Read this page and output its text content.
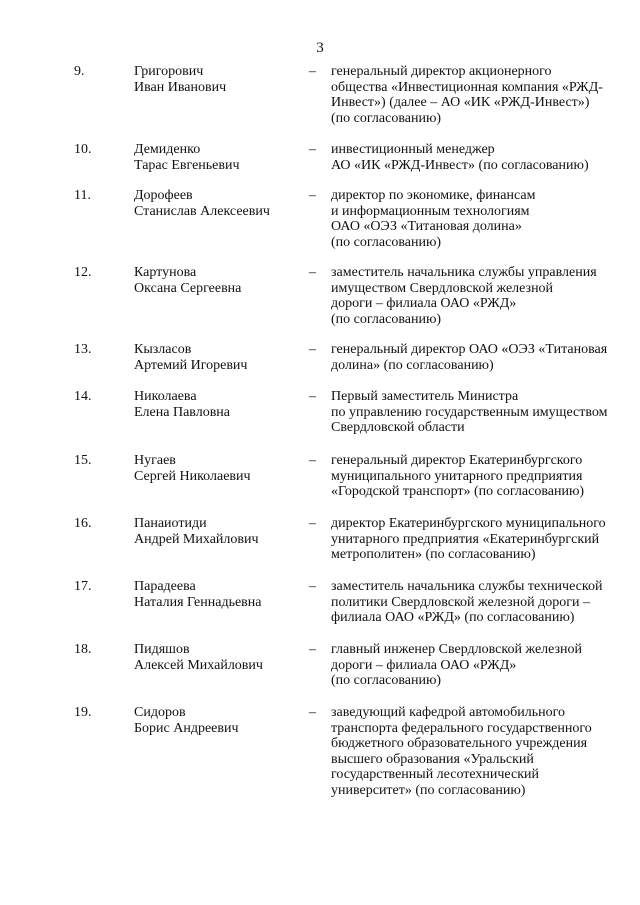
3
9.	Григорович
Иван Иванович
– генеральный директор акционерного
общества «Инвестиционная компания «РЖД-
Инвест») (далее – АО «ИК «РЖД-Инвест»)
(по согласованию)
10.	Демиденко
Тарас Евгеньевич
– инвестиционный менеджер
АО «ИК «РЖД-Инвест» (по согласованию)
11.	Дорофеев
Станислав Алексеевич
– директор по экономике, финансам
и информационным технологиям
ОАО «ОЭЗ «Титановая долина»
(по согласованию)
12.	Картунова
Оксана Сергеевна
– заместитель начальника службы управления
имуществом Свердловской железной
дороги – филиала ОАО «РЖД»
(по согласованию)
13.	Кызласов
Артемий Игоревич
– генеральный директор ОАО «ОЭЗ «Титановая
долина» (по согласованию)
14.	Николаева
Елена Павловна
– Первый заместитель Министра
по управлению государственным имуществом
Свердловской области
15.	Нугаев
Сергей Николаевич
– генеральный директор Екатеринбургского
муниципального унитарного предприятия
«Городской транспорт» (по согласованию)
16.	Панаиотиди
Андрей Михайлович
– директор Екатеринбургского муниципального
унитарного предприятия «Екатеринбургский
метрополитен» (по согласованию)
17.	Парадеева
Наталия Геннадьевна
– заместитель начальника службы технической
политики Свердловской железной дороги –
филиала ОАО «РЖД» (по согласованию)
18.	Пидяшов
Алексей Михайлович
– главный инженер Свердловской железной
дороги – филиала ОАО «РЖД»
(по согласованию)
19.	Сидоров
Борис Андреевич
– заведующий кафедрой автомобильного
транспорта федерального государственного
бюджетного образовательного учреждения
высшего образования «Уральский
государственный лесотехнический
университет» (по согласованию)
